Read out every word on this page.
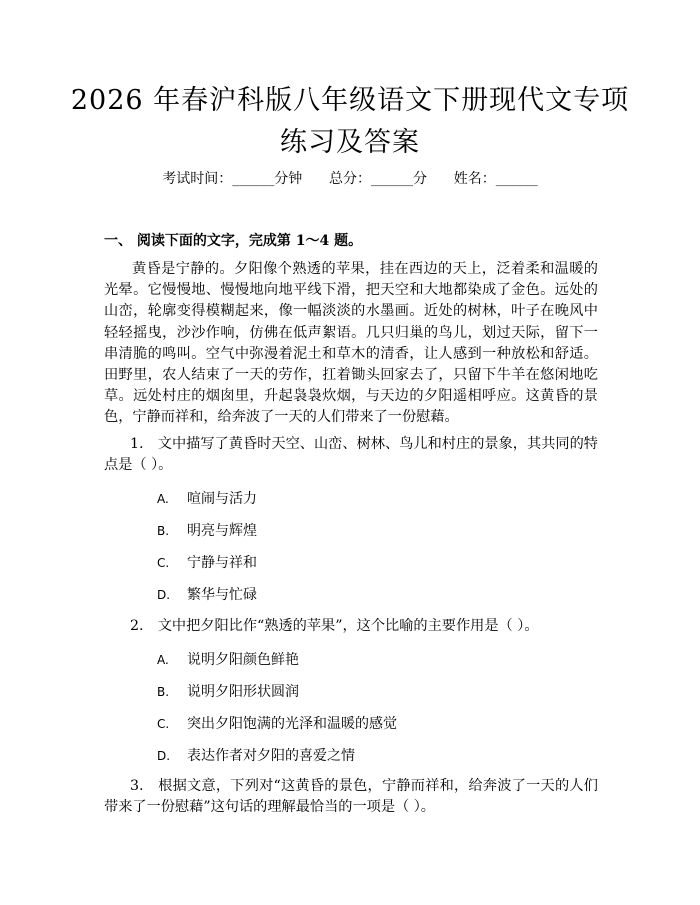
2026 年春沪科版八年级语文下册现代文专项
练习及答案
考试时间：______分钟 总分：______分 姓名：______
一、 阅读下面的文字，完成第 1～4 题。
黄昏是宁静的。夕阳像个熟透的苹果，挂在西边的天上，泛着柔和温暖的光晕。它慢慢地、慢慢地向地平线下滑，把天空和大地都染成了金色。远处的山峦，轮廓变得模糊起来，像一幅淡淡的水墨画。近处的树林，叶子在晚风中轻轻摇曳，沙沙作响，仿佛在低声絮语。几只归巢的鸟儿，划过天际，留下一串清脆的鸣叫。空气中弥漫着泥土和草木的清香，让人感到一种放松和舒适。田野里，农人结束了一天的劳作，扛着锄头回家去了，只留下牛羊在悠闲地吃草。远处村庄的烟囱里，升起袅袅炊烟，与天边的夕阳遥相呼应。这黄昏的景色，宁静而祥和，给奔波了一天的人们带来了一份慰藉。
1.　文中描写了黄昏时天空、山峦、树林、鸟儿和村庄的景象，其共同的特点是（ ）。
A. 喧闹与活力
B. 明亮与辉煌
C. 宁静与祥和
D. 繁华与忙碌
2.　文中把夕阳比作“熟透的苹果”，这个比喻的主要作用是（ ）。
A. 说明夕阳颜色鲜艳
B. 说明夕阳形状圆润
C. 突出夕阳饱满的光泽和温暖的感觉
D. 表达作者对夕阳的喜爱之情
3.　根据文意，下列对“这黄昏的景色，宁静而祥和，给奔波了一天的人们带来了一份慰藉”这句话的理解最恰当的一项是（ ）。
